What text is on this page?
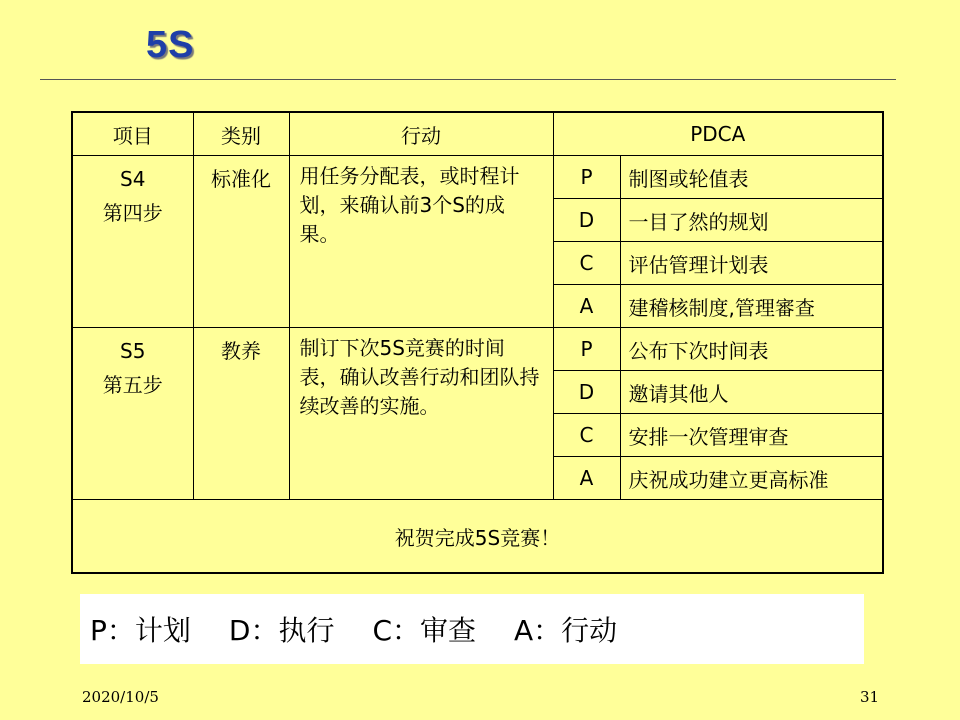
5S
项目	类别	行动	PDCA	

S4
第四步	标准化	用任务分配表，或时程计划，来确认前3个S的成果。	P	制图或轮值表
			D	一目了然的规划
			C	评估管理计划表
			A	建稽核制度,管理審查

S5
第五步	教养	制订下次5S竞赛的时间表，确认改善行动和团队持续改善的实施。	P	公布下次时间表
			D	邀请其他人
			C	安排一次管理审查
			A	庆祝成功建立更高标准
祝贺完成5S竞赛！				
P：计划 D：执行 C：审查 A：行动
2020/10/5	31
